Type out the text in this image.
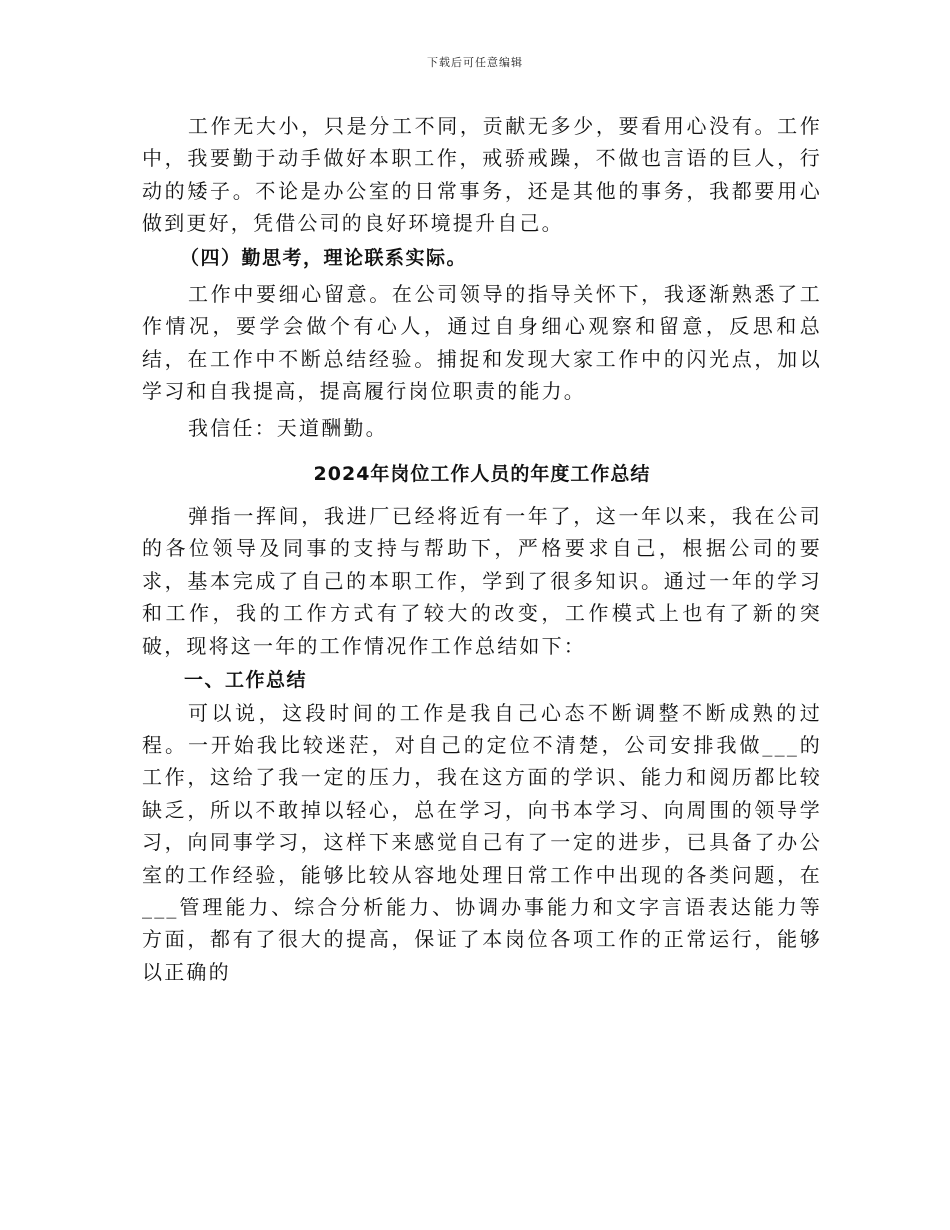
下载后可任意编辑

工作无大小，只是分工不同，贡献无多少，要看用心没有。工作中，我要勤于动手做好本职工作，戒骄戒躁，不做也言语的巨人，行动的矮子。不论是办公室的日常事务，还是其他的事务，我都要用心做到更好，凭借公司的良好环境提升自己。

（四）勤思考，理论联系实际。

工作中要细心留意。在公司领导的指导关怀下，我逐渐熟悉了工作情况，要学会做个有心人，通过自身细心观察和留意，反思和总结，在工作中不断总结经验。捕捉和发现大家工作中的闪光点，加以学习和自我提高，提高履行岗位职责的能力。

我信任：天道酬勤。

2024年岗位工作人员的年度工作总结

弹指一挥间，我进厂已经将近有一年了，这一年以来，我在公司的各位领导及同事的支持与帮助下，严格要求自己，根据公司的要求，基本完成了自己的本职工作，学到了很多知识。通过一年的学习和工作，我的工作方式有了较大的改变，工作模式上也有了新的突破，现将这一年的工作情况作工作总结如下：

一、工作总结

可以说，这段时间的工作是我自己心态不断调整不断成熟的过程。一开始我比较迷茫，对自己的定位不清楚，公司安排我做___的工作，这给了我一定的压力，我在这方面的学识、能力和阅历都比较缺乏，所以不敢掉以轻心，总在学习，向书本学习、向周围的领导学习，向同事学习，这样下来感觉自己有了一定的进步，已具备了办公室的工作经验，能够比较从容地处理日常工作中出现的各类问题，在___管理能力、综合分析能力、协调办事能力和文字言语表达能力等方面，都有了很大的提高，保证了本岗位各项工作的正常运行，能够以正确的
